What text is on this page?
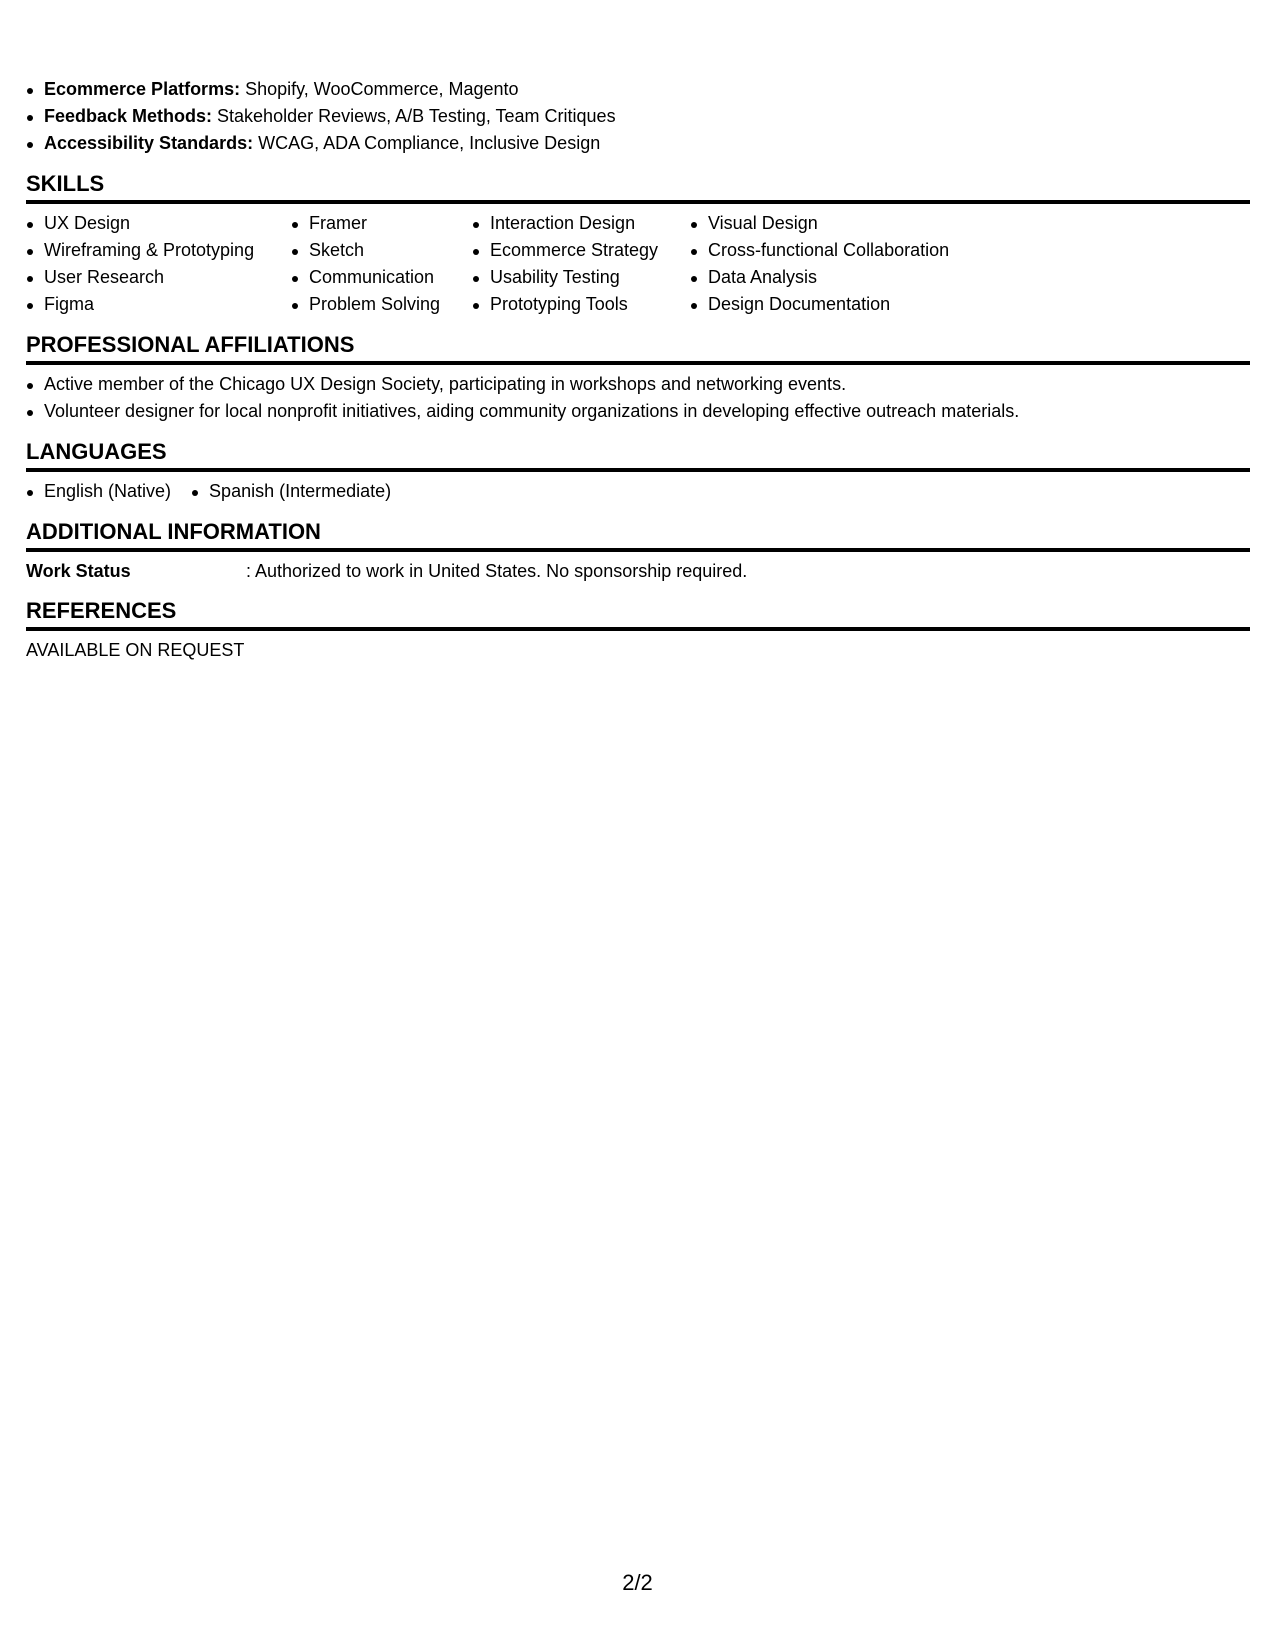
Ecommerce Platforms: Shopify, WooCommerce, Magento
Feedback Methods: Stakeholder Reviews, A/B Testing, Team Critiques
Accessibility Standards: WCAG, ADA Compliance, Inclusive Design
SKILLS
UX Design
Wireframing & Prototyping
User Research
Figma
Framer
Sketch
Communication
Problem Solving
Interaction Design
Ecommerce Strategy
Usability Testing
Prototyping Tools
Visual Design
Cross-functional Collaboration
Data Analysis
Design Documentation
PROFESSIONAL AFFILIATIONS
Active member of the Chicago UX Design Society, participating in workshops and networking events.
Volunteer designer for local nonprofit initiatives, aiding community organizations in developing effective outreach materials.
LANGUAGES
English (Native)	Spanish (Intermediate)
ADDITIONAL INFORMATION
Work Status	: Authorized to work in United States. No sponsorship required.
REFERENCES
AVAILABLE ON REQUEST
2/2
